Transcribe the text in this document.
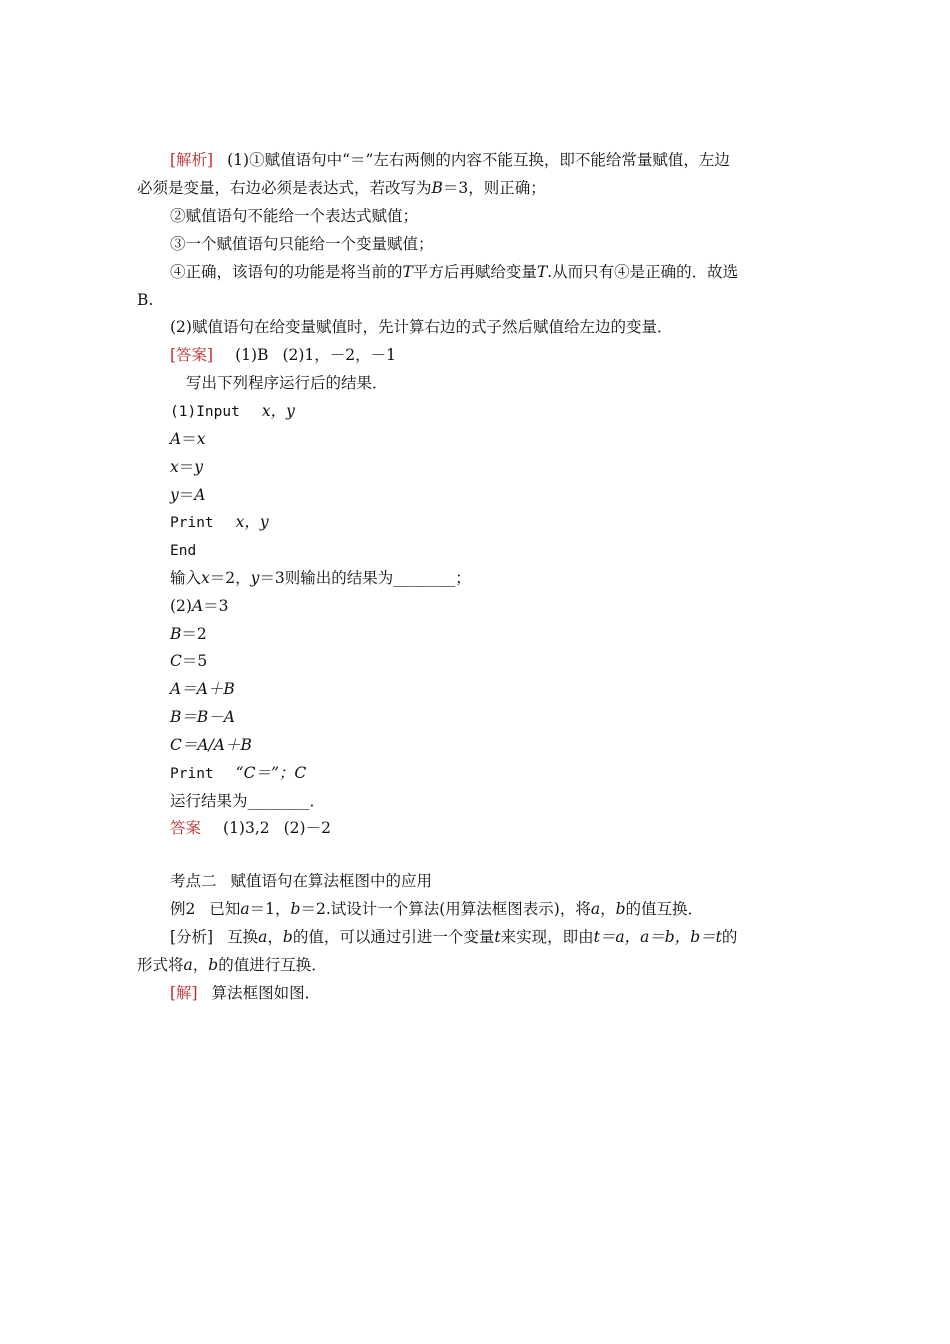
[解析] (1)①赋值语句中“＝”左右两侧的内容不能互换，即不能给常量赋值，左边
必须是变量，右边必须是表达式，若改写为B＝3，则正确；
②赋值语句不能给一个表达式赋值；
③一个赋值语句只能给一个变量赋值；
④正确，该语句的功能是将当前的T平方后再赋给变量T.从而只有④是正确的．故选
B.
(2)赋值语句在给变量赋值时，先计算右边的式子然后赋值给左边的变量．
[答案] (1)B (2)1，－2，－1
写出下列程序运行后的结果．
(1)Input x，y
A＝x
x＝y
y＝A
Print x，y
End
输入x＝2，y＝3则输出的结果为________；
(2)A＝3
B＝2
C＝5
A＝A＋B
B＝B－A
C＝A/A＋B
Print “C＝”；C
运行结果为________．
答案 (1)3,2 (2)－2
考点二 赋值语句在算法框图中的应用
例2 已知a＝1，b＝2.试设计一个算法(用算法框图表示)，将a，b的值互换．
[分析] 互换a，b的值，可以通过引进一个变量t来实现，即由t＝a，a＝b，b＝t的
形式将a，b的值进行互换．
[解] 算法框图如图．
